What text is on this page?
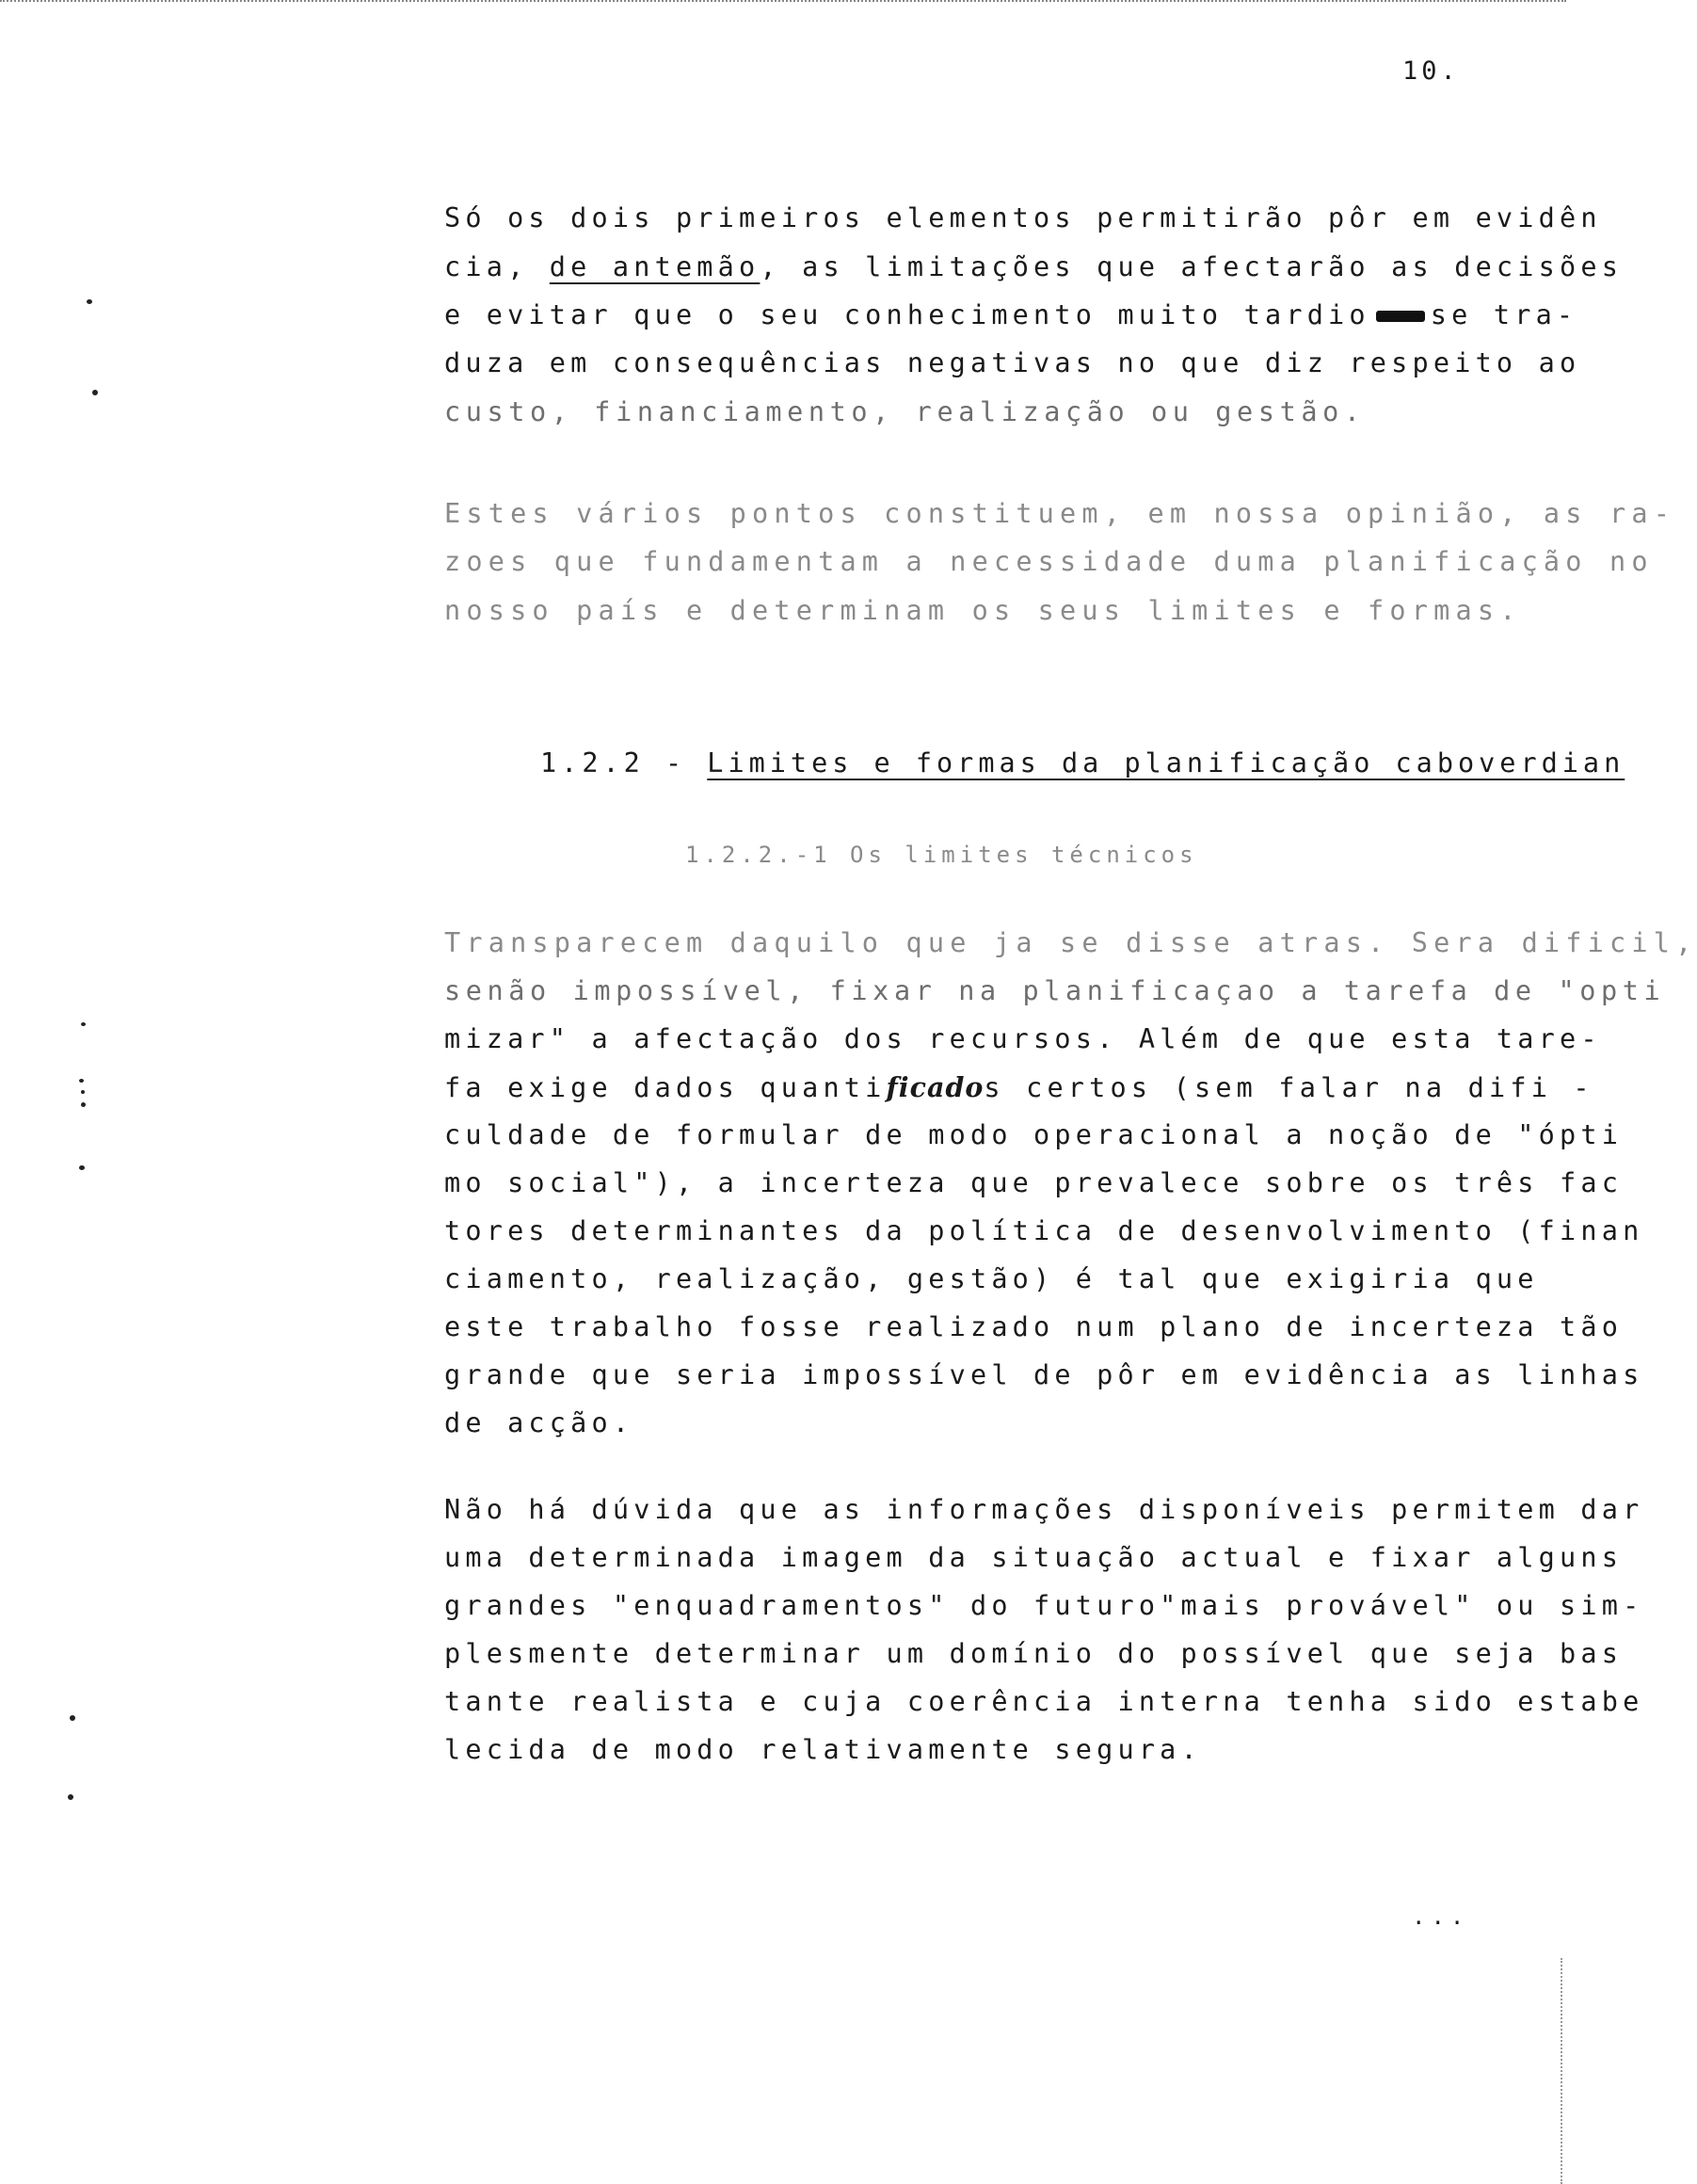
10.
Só os dois primeiros elementos permitirão pôr em evidên
cia, de antemão, as limitações que afectarão as decisões
e evitar que o seu conhecimento muito tardio se tra-
duza em consequências negativas no que diz respeito ao
custo, financiamento, realização ou gestão.
Estes vários pontos constituem, em nossa opinião, as ra-
zoes que fundamentam a necessidade duma planificação no
nosso país e determinam os seus limites e formas.
1.2.2 - Limites e formas da planificação caboverdian
1.2.2.-1 Os limites técnicos
Transparecem daquilo que ja se disse atras. Sera dificil,
senão impossível, fixar na planificaçao a tarefa de "opti
mizar" a afectação dos recursos. Além de que esta tare-
fa exige dados quantificados certos (sem falar na difi -
culdade de formular de modo operacional a noção de "ópti
mo social"), a incerteza que prevalece sobre os três fac
tores determinantes da política de desenvolvimento (finan
ciamento, realização, gestão) é tal que exigiria que
este trabalho fosse realizado num plano de incerteza tão
grande que seria impossível de pôr em evidência as linhas
de acção.
Não há dúvida que as informações disponíveis permitem dar
uma determinada imagem da situação actual e fixar alguns
grandes "enquadramentos" do futuro"mais provável" ou sim-
plesmente determinar um domínio do possível que seja bas
tante realista e cuja coerência interna tenha sido estabe
lecida de modo relativamente segura.
...
